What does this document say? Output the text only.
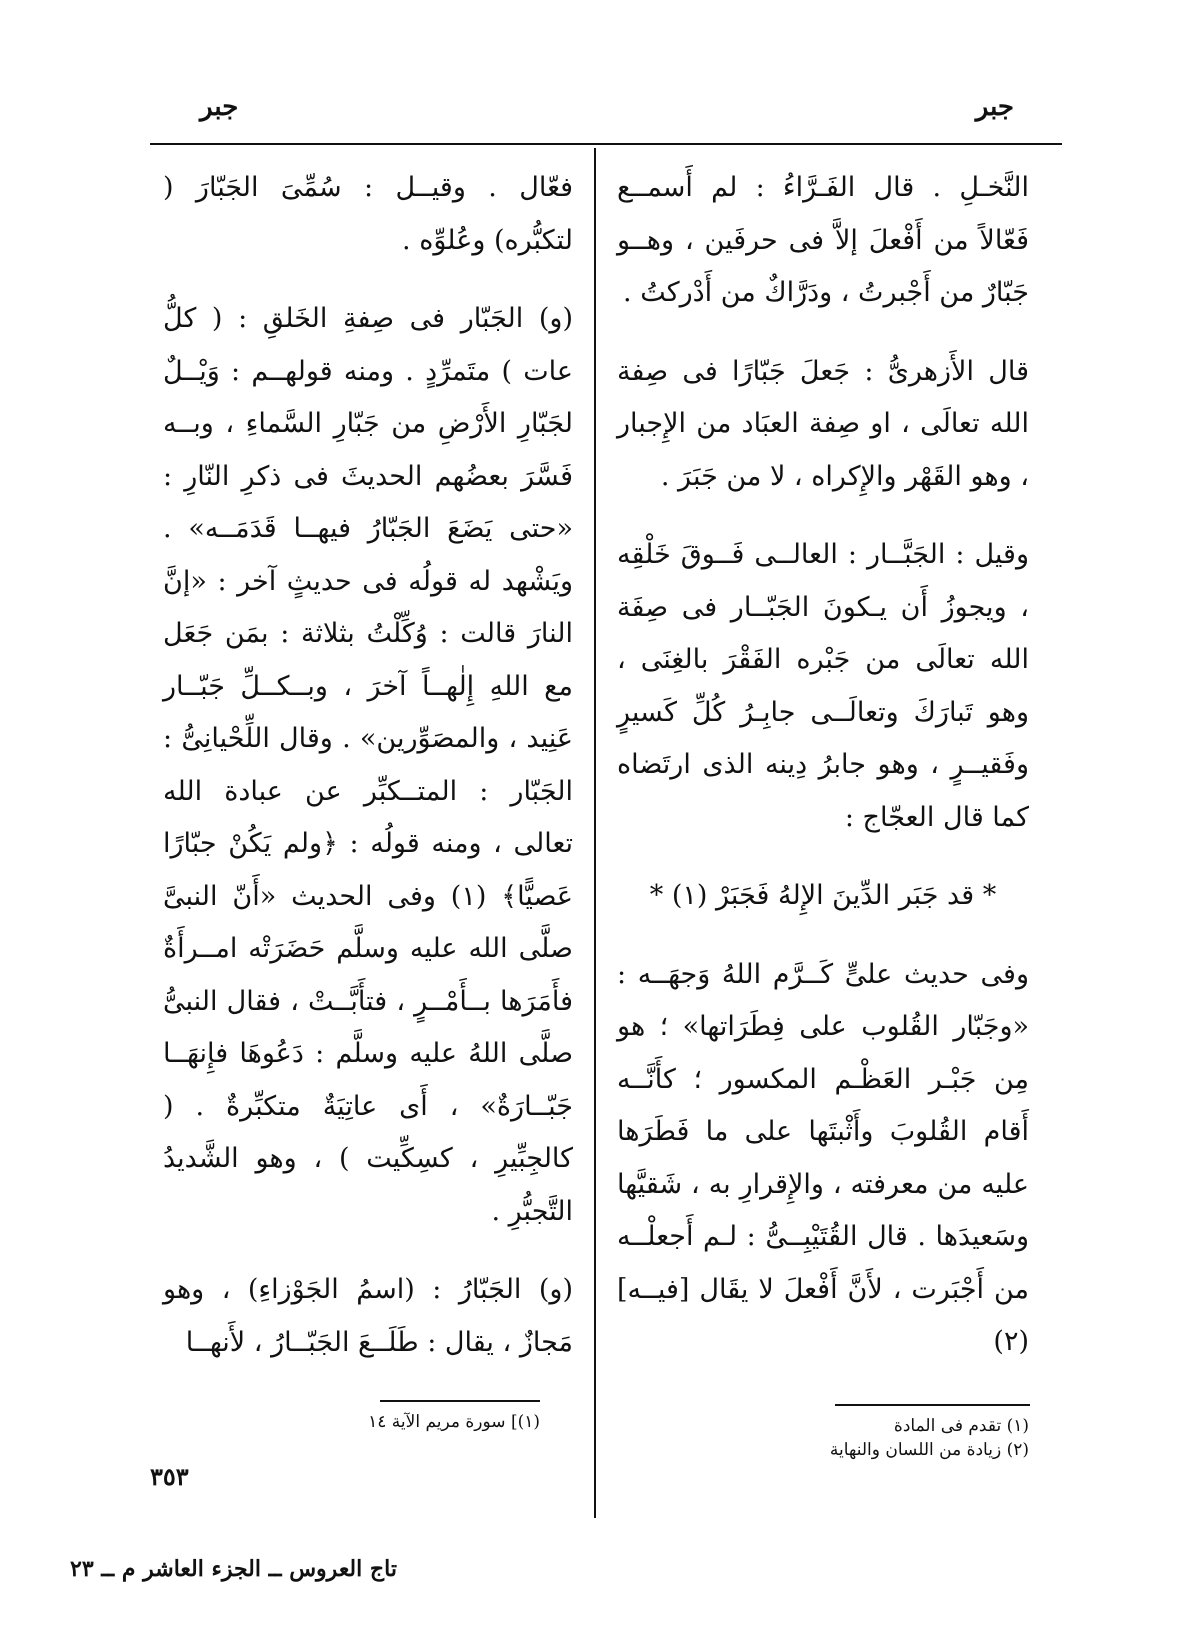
جبر
جبر

النَّخـلِ . قال الفَـرَّاءُ : لم أَسمــع فَعّالاً من أَفْعلَ إلاَّ فى حرفَين ، وهــو جَبّارٌ من أَجْبرتُ ، ودَرَّاكٌ من أَدْركتُ .

قال الأَزهرىُّ : جَعلَ جَبّارًا فى صِفة الله تعالَى ، او صِفة العبَاد من الإِجبار ، وهو القَهْر والإِكراه ، لا من جَبَرَ .

وقيل : الجَبَّــار : العالــى فَــوقَ خَلْقِه ، ويجوزُ أَن يـكونَ الجَبّــار فى صِفَة الله تعالَى من جَبْره الفَقْرَ بالغِنَى ، وهو تَبارَكَ وتعالَــى جابِـرُ كُلِّ كَسيرٍ وفَقيــرٍ ، وهو جابرُ دِينه الذى ارتَضاه كما قال العجّاج :

* قد جَبَر الدِّينَ الإِلهُ فَجَبَرْ (١) *

وفى حديث علىٍّ كَــرَّم اللهُ وَجهَــه : «وجَبّار القُلوب على فِطَرَاتها» ؛ هو مِن جَبْـر العَظْـم المكسور ؛ كأَنَّــه أَقام القُلوبَ وأَثْبتَها على ما فَطَرَها عليه من معرفته ، والإِقرارِ به ، شَقيَّها وسَعيدَها . قال القُتَيْبِــىُّ : لـم أَجعلْــه من أَجْبَرت ، لأَنَّ أَفْعلَ لا يقَال [فيــه] (٢)

فعّال . وقيــل : سُمِّىَ الجَبّارَ ( لتكبُّره) وعُلوِّه .

(و) الجَبّار فى صِفةِ الخَلقِ : ( كلُّ عات ) متَمرِّدٍ . ومنه قولهــم : وَيْــلٌ لجَبّارِ الأَرْضِ من جَبّارِ السَّماءِ ، وبــه فَسَّرَ بعضُهم الحديثَ فى ذكرِ النّارِ : «حتى يَضَعَ الجَبّارُ فيهــا قَدَمَــه» . ويَشْهد له قولُه فى حديثٍ آخر : «إنَّ النارَ قالت : وُكِّلْتُ بثلاثة : بمَن جَعَل مع اللهِ إِلٰهــاً آخرَ ، وبــكــلِّ جَبّــار عَنِيد ، والمصَوِّرين» . وقال اللِّحْيانِىُّ : الجَبّار : المتــكبِّر عن عبادة الله تعالى ، ومنه قولُه : ﴿ولم يَكُنْ جبّارًا عَصيًّا﴾ (١) وفى الحديث «أَنّ النبىَّ صلَّى الله عليه وسلَّم حَضَرَتْه امــرأَةٌ فأَمَرَها بــأَمْــرٍ ، فتأَبَّــتْ ، فقال النبىُّ صلَّى اللهُ عليه وسلَّم : دَعُوهَا فإِنهَــا جَبّــارَةٌ» ، أَى عاتِيَةٌ متكبِّرةٌ . ( كالجِبِّيرِ ، كسِكِّيت ) ، وهو الشَّديدُ التَّجبُّرِ .

(و) الجَبّارُ : (اسمُ الجَوْزاءِ) ، وهو مَجازٌ ، يقال : طَلَــعَ الجَبّــارُ ، لأَنهــا

(١) تقدم فى المادة
(٢) زيادة من اللسان والنهاية
(١)] سورة مريم الآية ١٤
٣٥٣
تاج العروس ــ الجزء العاشر م ــ ٢٣
